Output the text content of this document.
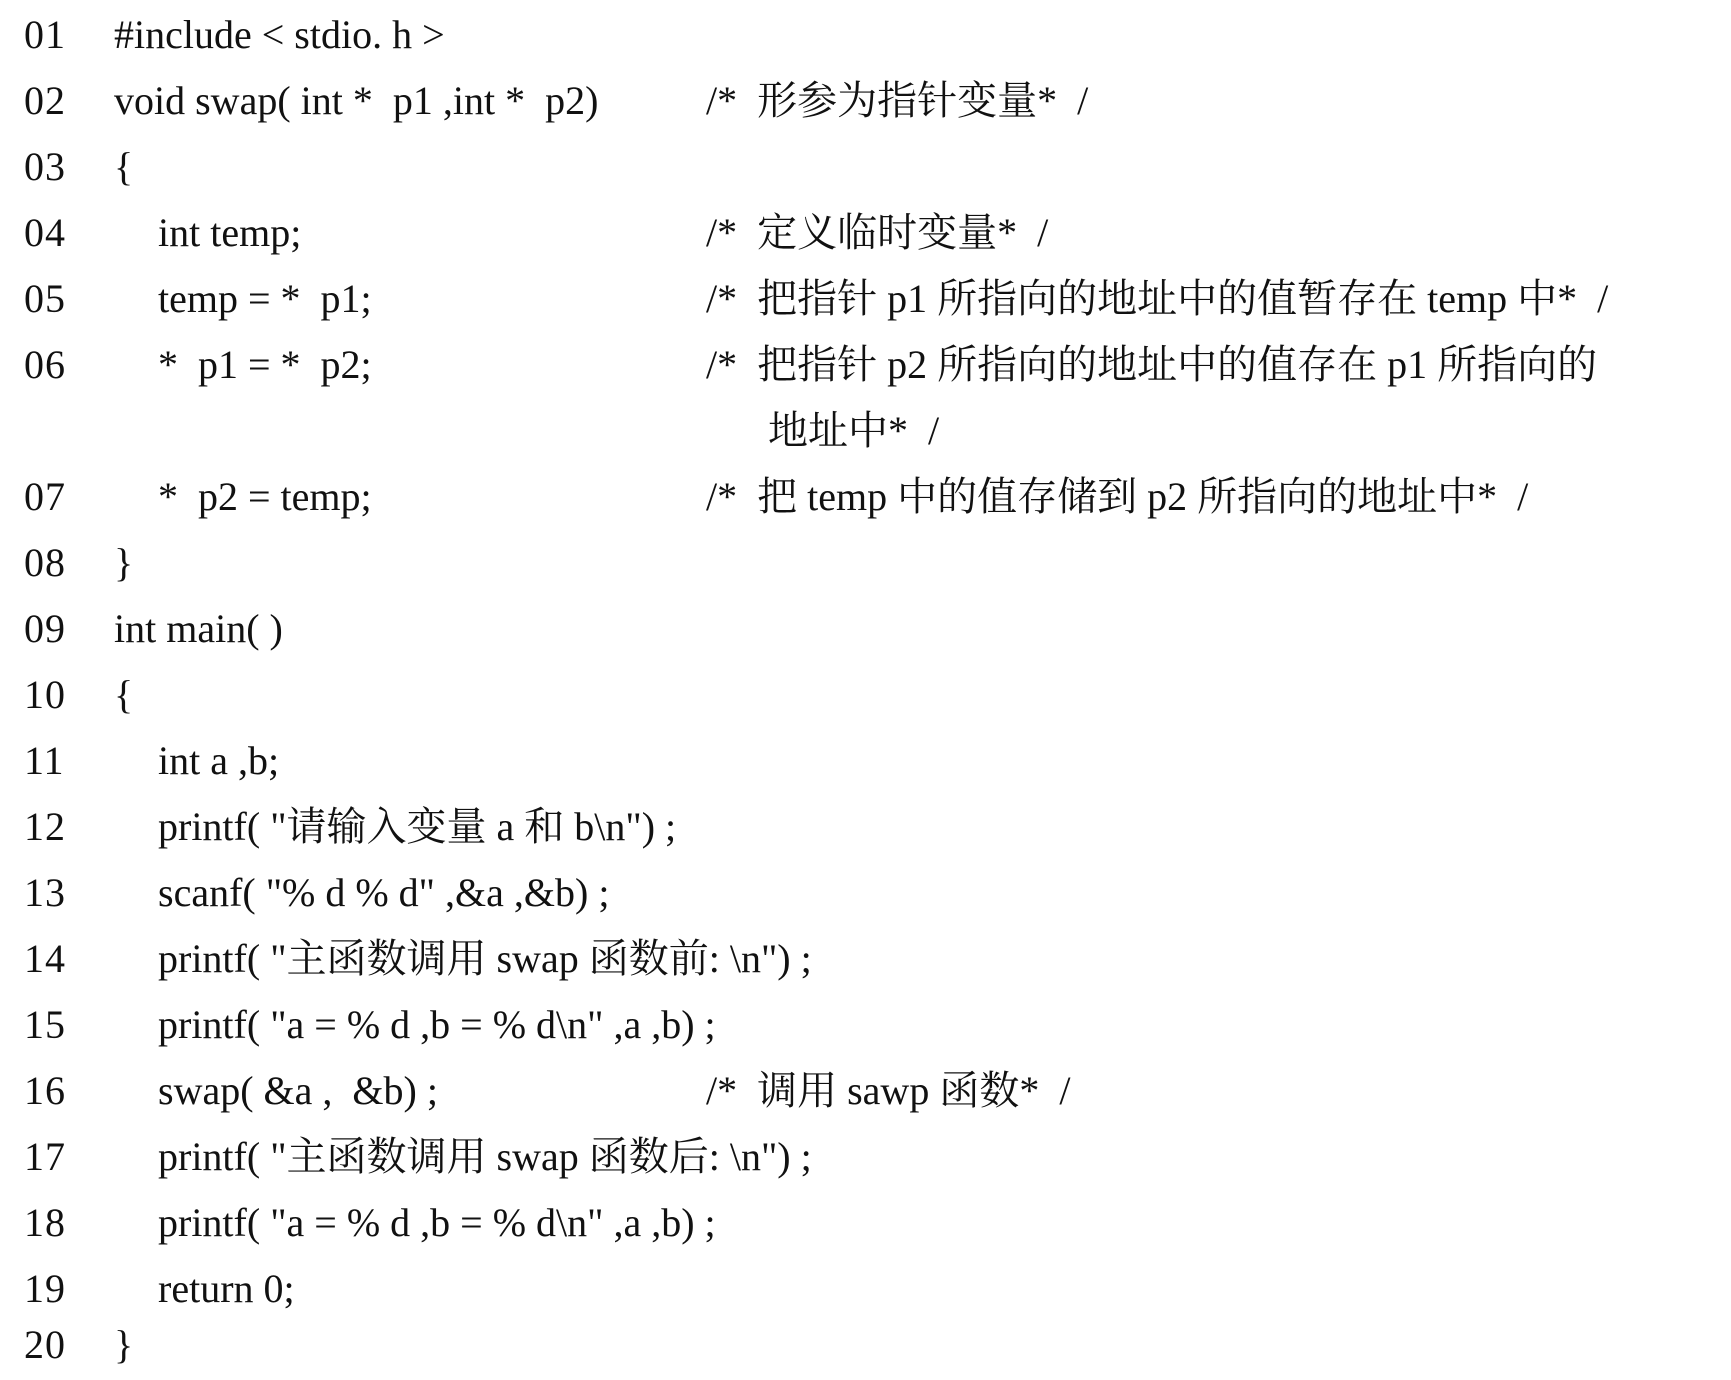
01 #include < stdio. h >
02 void swap( int *  p1 ,int *  p2)	/*  形参为指针变量*  /
03 {
04 int temp;	/*  定义临时变量*  /
05 temp = *  p1;	/*  把指针 p1 所指向的地址中的值暂存在 temp 中*  /
06 *  p1 = *  p2;	/*  把指针 p2 所指向的地址中的值存在 p1 所指向的
地址中*  /
07 *  p2 = temp;	/*  把 temp 中的值存储到 p2 所指向的地址中*  /
08 }
09 int main( )
10 {
11 int a ,b;
12 printf( "请输入变量 a 和 b\n") ;
13 scanf( "% d % d" ,&a ,&b) ;
14 printf( "主函数调用 swap 函数前: \n") ;
15 printf( "a = % d ,b = % d\n" ,a ,b) ;
16 swap( &a ,  &b) ;	/*  调用 sawp 函数*  /
17 printf( "主函数调用 swap 函数后: \n") ;
18 printf( "a = % d ,b = % d\n" ,a ,b) ;
19 return 0;
20 }
